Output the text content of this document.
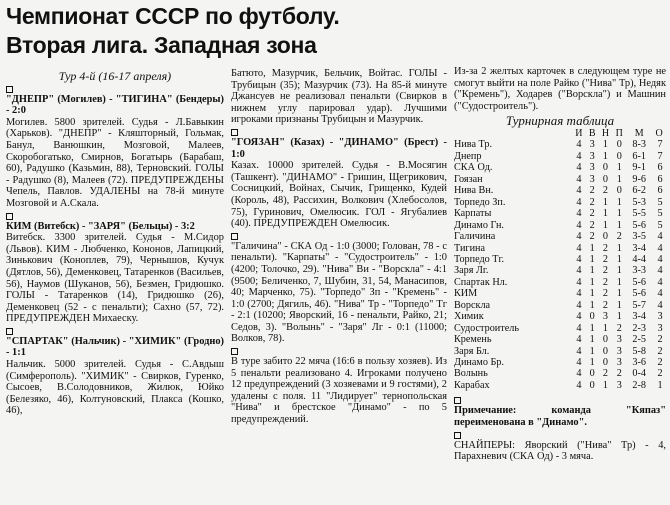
Чемпионат СССР по футболу.
Вторая лига. Западная зона
Тур 4-й (16-17 апреля)

"ДНЕПР" (Могилев) - "ТИГИНА" (Бендеры) - 2:0

Могилев. 5800 зрителей. Судья - Л.Бавыкин (Харьков). "ДНЕПР" - Кляшторный, Гольмак, Банул, Ванюшкин, Мозговой, Малеев, Скоробогатько, Смирнов, Богатырь (Барабаш, 60), Радушко (Казьмин, 88), Терновский. ГОЛЫ - Радушко (8), Малеев (72). ПРЕДУПРЕЖДЕНЫ Чепель, Павлов. УДАЛЕНЫ на 78-й минуте Мозговой и А.Скала.

КИМ (Витебск) - "ЗАРЯ" (Бельцы) - 3:2

Витебск. 3300 зрителей. Судья - М.Сидор (Львов). КИМ - Любченко, Кононов, Лапицкий, Зинькович (Коноплев, 79), Чернышов, Кучук (Дятлов, 56), Деменковец, Татаренков (Васильев, 56), Наумов (Шуканов, 56), Безмен, Гридюшко. ГОЛЫ - Татаренков (14), Гридюшко (26), Деменковец (52 - с пенальти); Сахно (57, 72). ПРЕДУПРЕЖДЕН Михаеску.

"СПАРТАК" (Нальчик) - "ХИМИК" (Гродно) - 1:1

Нальчик. 5000 зрителей. Судья - С.Авдыш (Симферополь). "ХИМИК" - Свирков, Гуренко, Сысоев, В.Солодовников, Жилюк, Юйко (Белезяко, 46), Колтуновский, Плакса (Кошко, 46),

Батюто, Мазурчик, Бельчик, Войтас. ГОЛЫ - Трубицын (35); Мазурчик (73). На 85-й минуте Джансуев не реализовал пенальти (Свирков в нижнем углу парировал удар). Лучшими игроками признаны Трубицын и Мазурчик.

"ГОЯЗАН" (Казах) - "ДИНАМО" (Брест) - 1:0

Казах. 10000 зрителей. Судья - В.Мосягин (Ташкент). "ДИНАМО" - Гришин, Щегрикович, Сосницкий, Войнах, Сычик, Грищенко, Кудей (Король, 48), Рассихин, Волкович (Хлебосолов, 75), Гуринович, Омелюсик. ГОЛ - Ягубалиев (40). ПРЕДУПРЕЖДЕН Омелюсик.

"Галичина" - СКА Од - 1:0 (3000; Голован, 78 - с пенальти). "Карпаты" - "Судостроитель" - 1:0 (4200; Толочко, 29). "Нива" Ви - "Ворскла" - 4:1 (9500; Беличенко, 7, Шубин, 31, 54, Манасипов, 40; Марченко, 75). "Торпедо" Зп - "Кремень" - 1:0 (2700; Дягиль, 46). "Нива" Тр - "Торпедо" Тг - 2:1 (10200; Яворский, 16 - пенальти, Райко, 21; Седов, 3). "Волынь" - "Заря" Лг - 0:1 (11000; Волков, 78).

В туре забито 22 мяча (16:6 в пользу хозяев). Из 5 пенальти реализовано 4. Игроками получено 12 предупреждений (3 хозяевами и 9 гостями), 2 удалены с поля. 11 "Лидирует" тернопольская "Нива" и брестское "Динамо" - по 5 предупреждений.

Из-за 2 желтых карточек в следующем туре не смогут выйти на поле Райко ("Нива" Тр), Недяк ("Кремень"), Ходарев ("Ворскла") и Машнин ("Судостроитель").

Турнирная таблица
	И	В	Н	П	М	О
Нива Тр.	4	3	1	0	8-3	7
Днепр	4	3	1	0	6-1	7
СКА Од.	4	3	0	1	9-1	6
Гоязан	4	3	0	1	9-6	6
Нива Вн.	4	2	2	0	6-2	6
Торпедо Зп.	4	2	1	1	5-3	5
Карпаты	4	2	1	1	5-5	5
Динамо Гн.	4	2	1	1	5-6	5
Галичина	4	2	0	2	3-5	4
Тигина	4	1	2	1	3-4	4
Торпедо Тг.	4	1	2	1	4-4	4
Заря Лг.	4	1	2	1	3-3	4
Спартак Нл.	4	1	2	1	5-6	4
КИМ	4	1	2	1	5-6	4
Ворскла	4	1	2	1	5-7	4
Химик	4	0	3	1	3-4	3
Судостроитель	4	1	1	2	2-3	3
Кремень	4	1	0	3	2-5	2
Заря Бл.	4	1	0	3	5-8	2
Динамо Бр.	4	1	0	3	3-6	2
Волынь	4	0	2	2	0-4	2
Карабах	4	0	1	3	2-8	1

Примечание: команда "Кяпаз" переименована в "Динамо".

СНАЙПЕРЫ: Яворский ("Нива" Тр) - 4, Парахневич (СКА Од) - 3 мяча.
